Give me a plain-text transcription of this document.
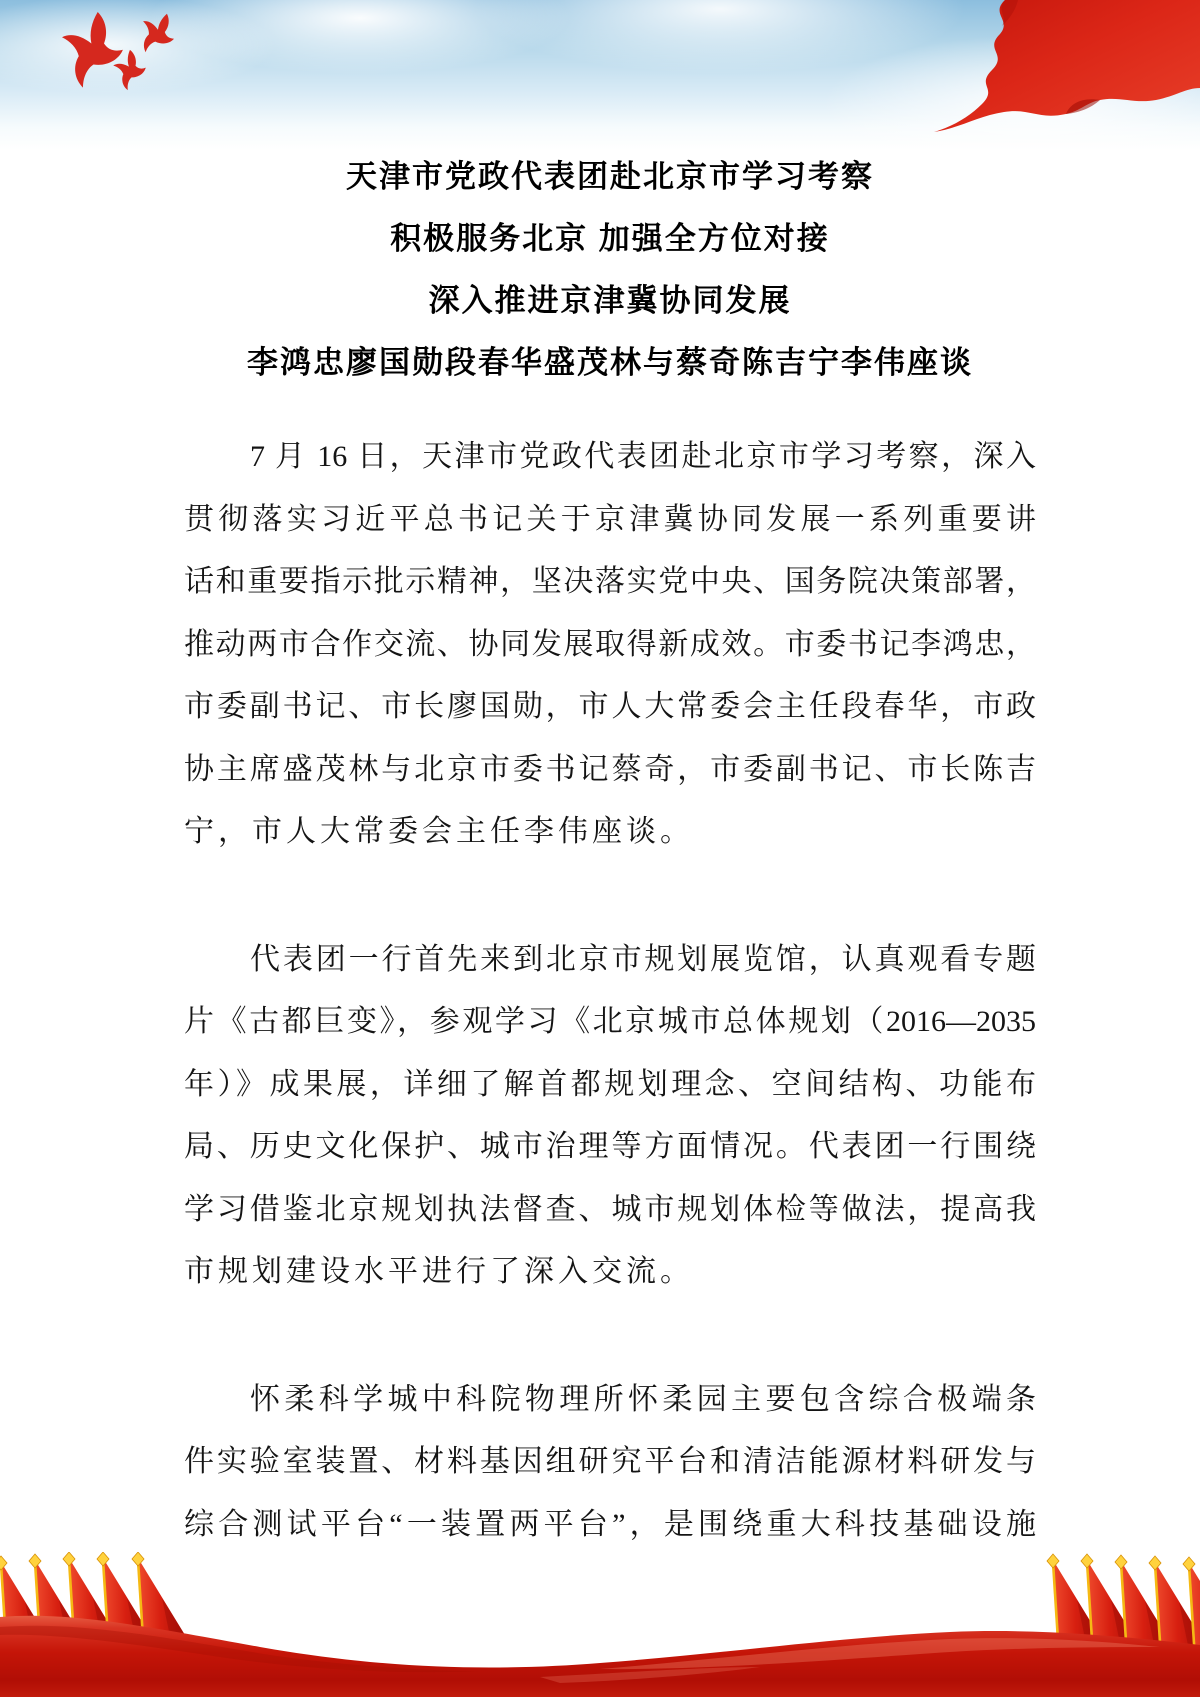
天津市党政代表团赴北京市学习考察
积极服务北京 加强全方位对接
深入推进京津冀协同发展
李鸿忠廖国勋段春华盛茂林与蔡奇陈吉宁李伟座谈
7 月 16 日，天津市党政代表团赴北京市学习考察，深入
贯彻落实习近平总书记关于京津冀协同发展一系列重要讲
话和重要指示批示精神，坚决落实党中央、国务院决策部署，
推动两市合作交流、协同发展取得新成效。市委书记李鸿忠，
市委副书记、市长廖国勋，市人大常委会主任段春华，市政
协主席盛茂林与北京市委书记蔡奇，市委副书记、市长陈吉
宁，市人大常委会主任李伟座谈。
代表团一行首先来到北京市规划展览馆，认真观看专题
片《古都巨变》，参观学习《北京城市总体规划（2016—2035
年）》成果展，详细了解首都规划理念、空间结构、功能布
局、历史文化保护、城市治理等方面情况。代表团一行围绕
学习借鉴北京规划执法督查、城市规划体检等做法，提高我
市规划建设水平进行了深入交流。
怀柔科学城中科院物理所怀柔园主要包含综合极端条
件实验室装置、材料基因组研究平台和清洁能源材料研发与
综合测试平台“一装置两平台”，是围绕重大科技基础设施
